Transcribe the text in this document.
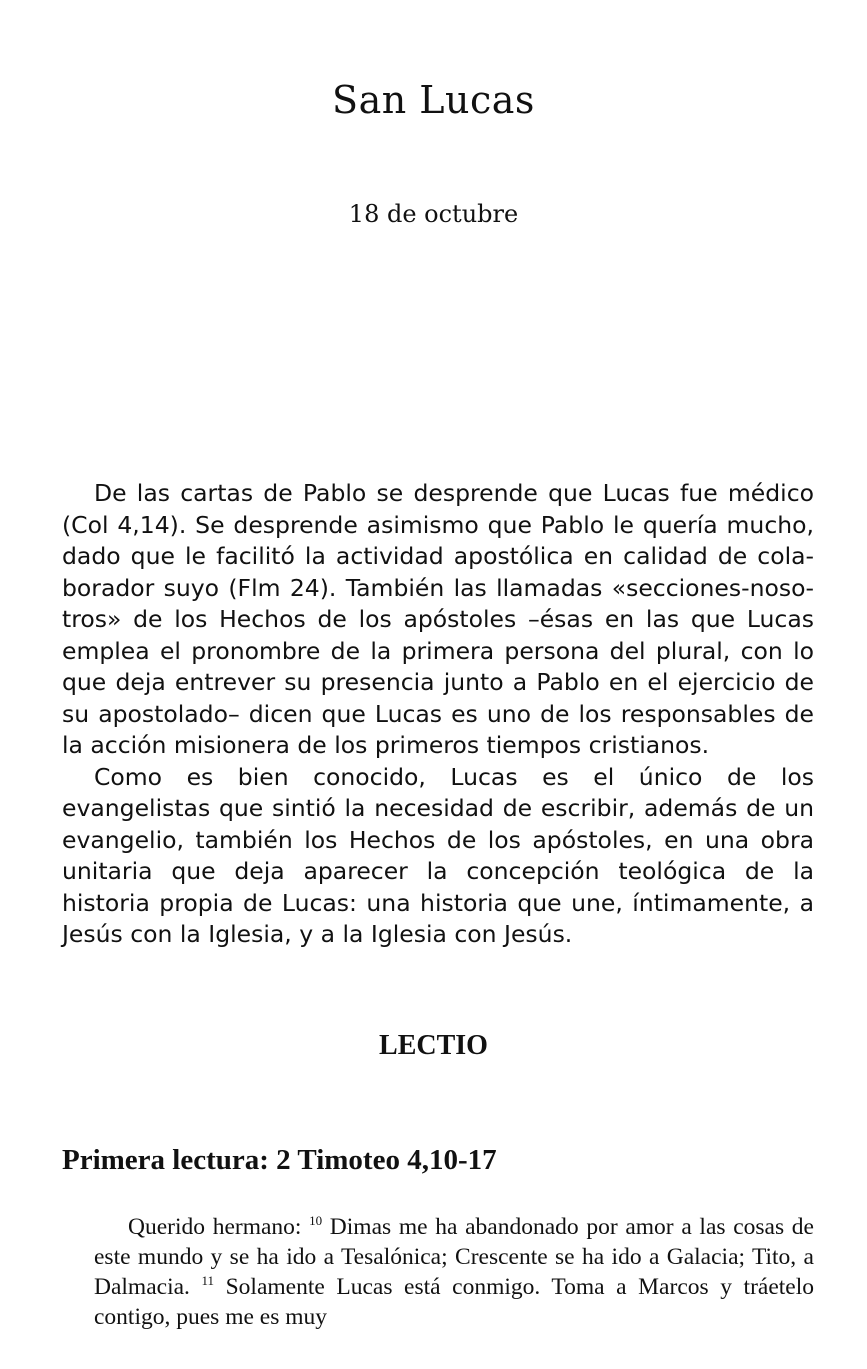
San Lucas
18 de octubre

De las cartas de Pablo se desprende que Lucas fue médico (Col 4,14). Se desprende asimismo que Pablo le quería mucho, dado que le facilitó la actividad apostólica en calidad de colaborador suyo (Flm 24). También las llamadas «secciones-nosotros» de los Hechos de los apóstoles –ésas en las que Lucas emplea el pronombre de la primera persona del plural, con lo que deja entrever su presencia junto a Pablo en el ejercicio de su apostolado– dicen que Lucas es uno de los responsables de la acción misionera de los primeros tiempos cristianos.

Como es bien conocido, Lucas es el único de los evangelistas que sintió la necesidad de escribir, además de un evangelio, también los Hechos de los apóstoles, en una obra unitaria que deja aparecer la concepción teológica de la historia propia de Lucas: una historia que une, íntimamente, a Jesús con la Iglesia, y a la Iglesia con Jesús.

LECTIO
Primera lectura: 2 Timoteo 4,10-17

Querido hermano: $^{10}$ Dimas me ha abandonado por amor a las cosas de este mundo y se ha ido a Tesalónica; Crescente se ha ido a Galacia; Tito, a Dalmacia. $^{11}$ Solamente Lucas está conmigo. Toma a Marcos y tráetelo contigo, pues me es muy
